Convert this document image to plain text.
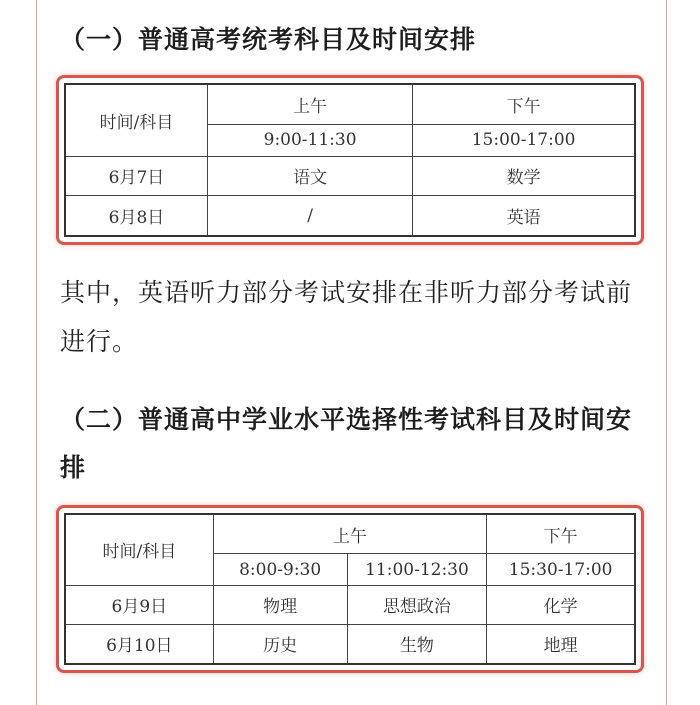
（一）普通高考统考科目及时间安排
时间/科目	上午	下午
	9:00-11:30	15:00-17:00
6月7日	语文	数学
6月8日	/	英语
其中，英语听力部分考试安排在非听力部分考试前进行。
（二）普通高中学业水平选择性考试科目及时间安排
时间/科目	上午		下午
	8:00-9:30	11:00-12:30	15:30-17:00
6月9日	物理	思想政治	化学
6月10日	历史	生物	地理
